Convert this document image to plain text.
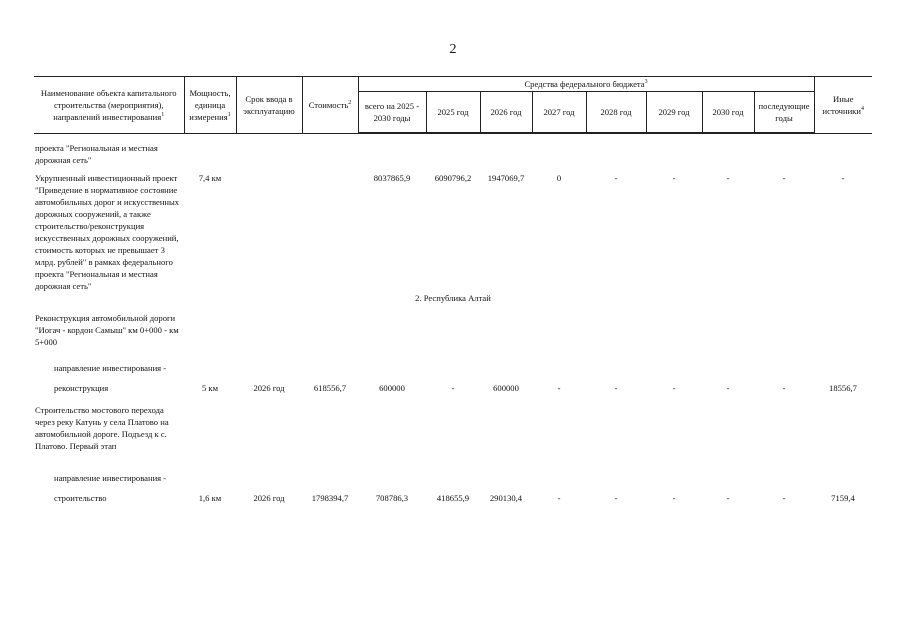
2
Наименование объекта капитального строительства (мероприятия), направлений инвестирования$^1$	Мощность, единица измерения$^1$	Срок ввода в эксплуатацию	Стоимость$^2$	Средства федерального бюджета$^3$								Иные источники$^4$
				всего на 2025 - 2030 годы	2025 год	2026 год	2027 год	2028 год	2029 год	2030 год	последующие годы	

проекта "Региональная и местная дорожная сеть"												
Укрупненный инвестиционный проект "Приведение в нормативное состояние автомобильных дорог и искусственных дорожных сооружений, а также строительство/реконструкция искусственных дорожных сооружений, стоимость которых не превышает 3 млрд. рублей" в рамках федерального проекта "Региональная и местная дорожная сеть"	7,4 км			8037865,9	6090796,2	1947069,7	0	-	-	-	-	-
2. Республика Алтай												

Реконструкция автомобильной дороги "Иогач - кордон Самыш" км 0+000 - км 5+000												
направление инвестирования -												
реконструкция	5 км	2026 год	618556,7	600000	-	600000	-	-	-	-	-	18556,7

Строительство мостового перехода через реку Катунь у села Платово на автомобильной дороге. Подъезд к с. Платово. Первый этап												
направление инвестирования -												
строительство	1,6 км	2026 год	1798394,7	708786,3	418655,9	290130,4	-	-	-	-	-	7159,4
